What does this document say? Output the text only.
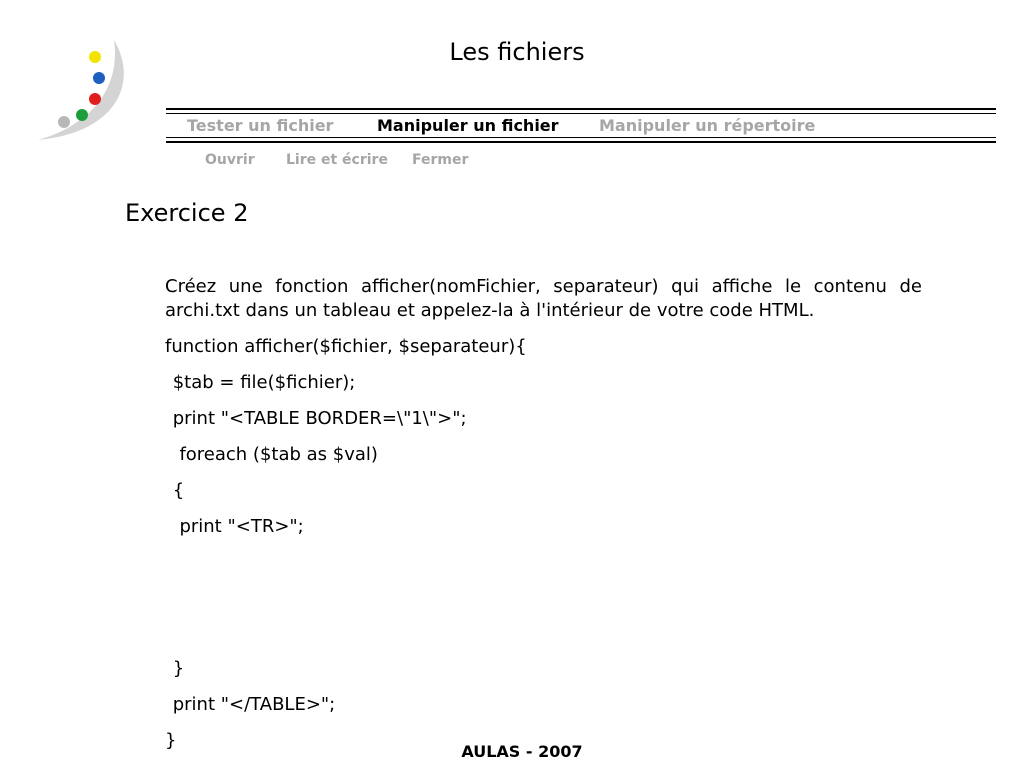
Les fichiers
Tester un fichier	Manipuler un fichier	Manipuler un répertoire
Ouvrir Lire et écrire Fermer
Exercice 2
Créez une fonction afficher(nomFichier, separateur) qui affiche le contenu de archi.txt dans un tableau et appelez-la à l'intérieur de votre code HTML.
function afficher($fichier, $separateur){
$tab = file($fichier);
print "<TABLE BORDER=\"1\">";
foreach ($tab as $val)
{
print "<TR>";
}
print "</TABLE>";
}
AULAS - 2007
